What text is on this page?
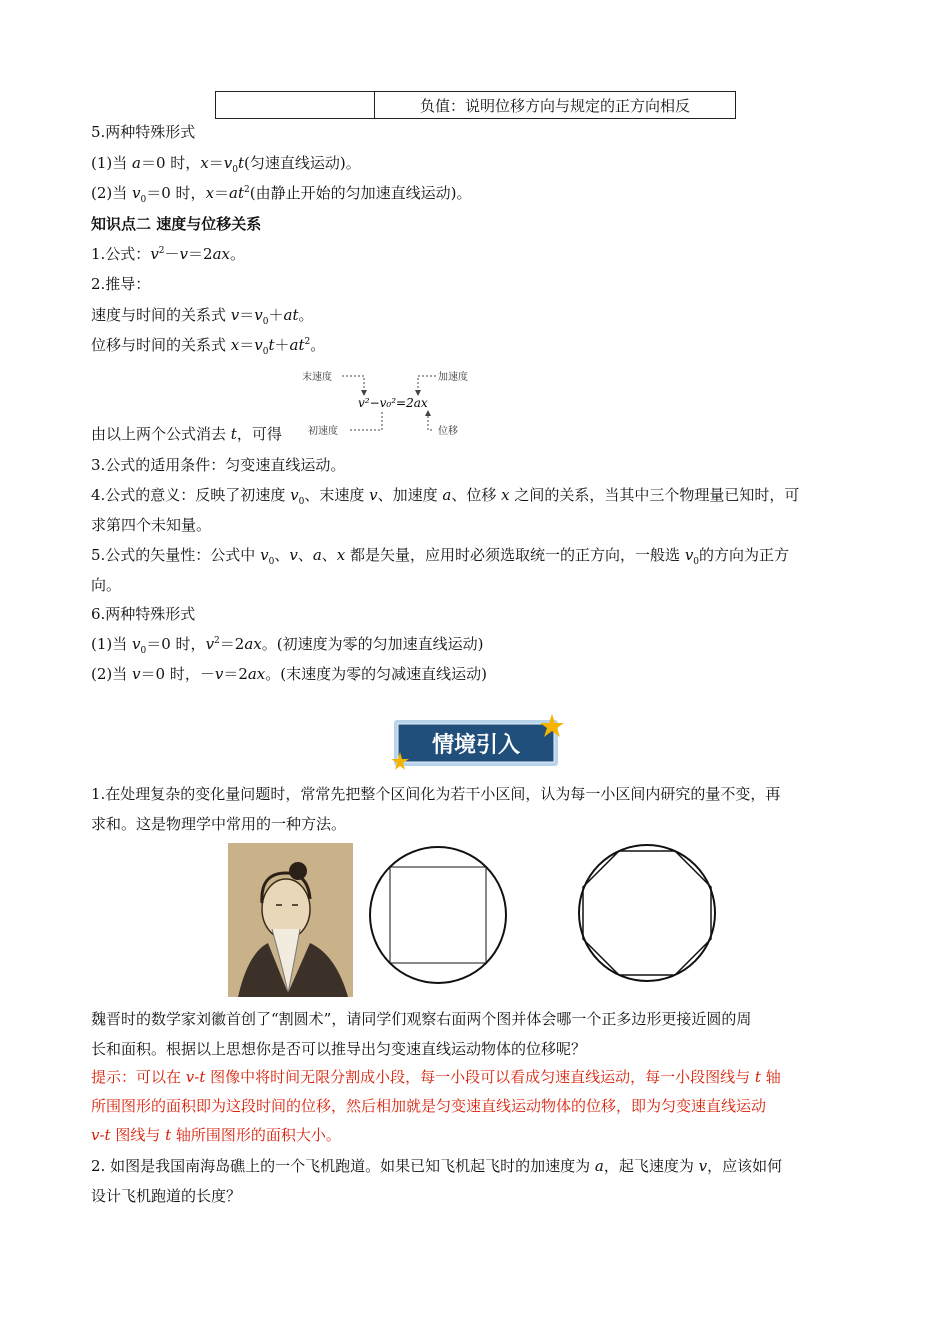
	负值：说明位移方向与规定的正方向相反
5.两种特殊形式
(1)当 a＝0 时，$x=v_0t$(匀速直线运动)。
(2)当 $v_0=0$ 时，$x=at^2$(由静止开始的匀加速直线运动)。
知识点二 速度与位移关系
1.公式：$v^2-v=2ax$。
2.推导：
速度与时间的关系式 $v=v_0+at$。
位移与时间的关系式 $x=v_0t+at^2$。
末速度	加速度
v²−v₀²=2ax
初速度	位移
由以上两个公式消去 t，可得
3.公式的适用条件：匀变速直线运动。
4.公式的意义：反映了初速度 $v_0$、末速度 v、加速度 a、位移 x 之间的关系，当其中三个物理量已知时，可
求第四个未知量。
5.公式的矢量性：公式中 $v_0$、v、a、x 都是矢量，应用时必须选取统一的正方向，一般选 $v_0$的方向为正方
向。
6.两种特殊形式
(1)当 $v_0=0$ 时，$v^2=2ax$。(初速度为零的匀加速直线运动)
(2)当 v＝0 时，－v＝2ax。(末速度为零的匀减速直线运动)
情境引入
1.在处理复杂的变化量问题时，常常先把整个区间化为若干小区间，认为每一小区间内研究的量不变，再
求和。这是物理学中常用的一种方法。
魏晋时的数学家刘徽首创了“割圆术”，请同学们观察右面两个图并体会哪一个正多边形更接近圆的周
长和面积。根据以上思想你是否可以推导出匀变速直线运动物体的位移呢？
提示：可以在 v-t 图像中将时间无限分割成小段，每一小段可以看成匀速直线运动，每一小段图线与 t 轴
所围图形的面积即为这段时间的位移，然后相加就是匀变速直线运动物体的位移，即为匀变速直线运动
v-t 图线与 t 轴所围图形的面积大小。
2. 如图是我国南海岛礁上的一个飞机跑道。如果已知飞机起飞时的加速度为 a，起飞速度为 v，应该如何
设计飞机跑道的长度？
